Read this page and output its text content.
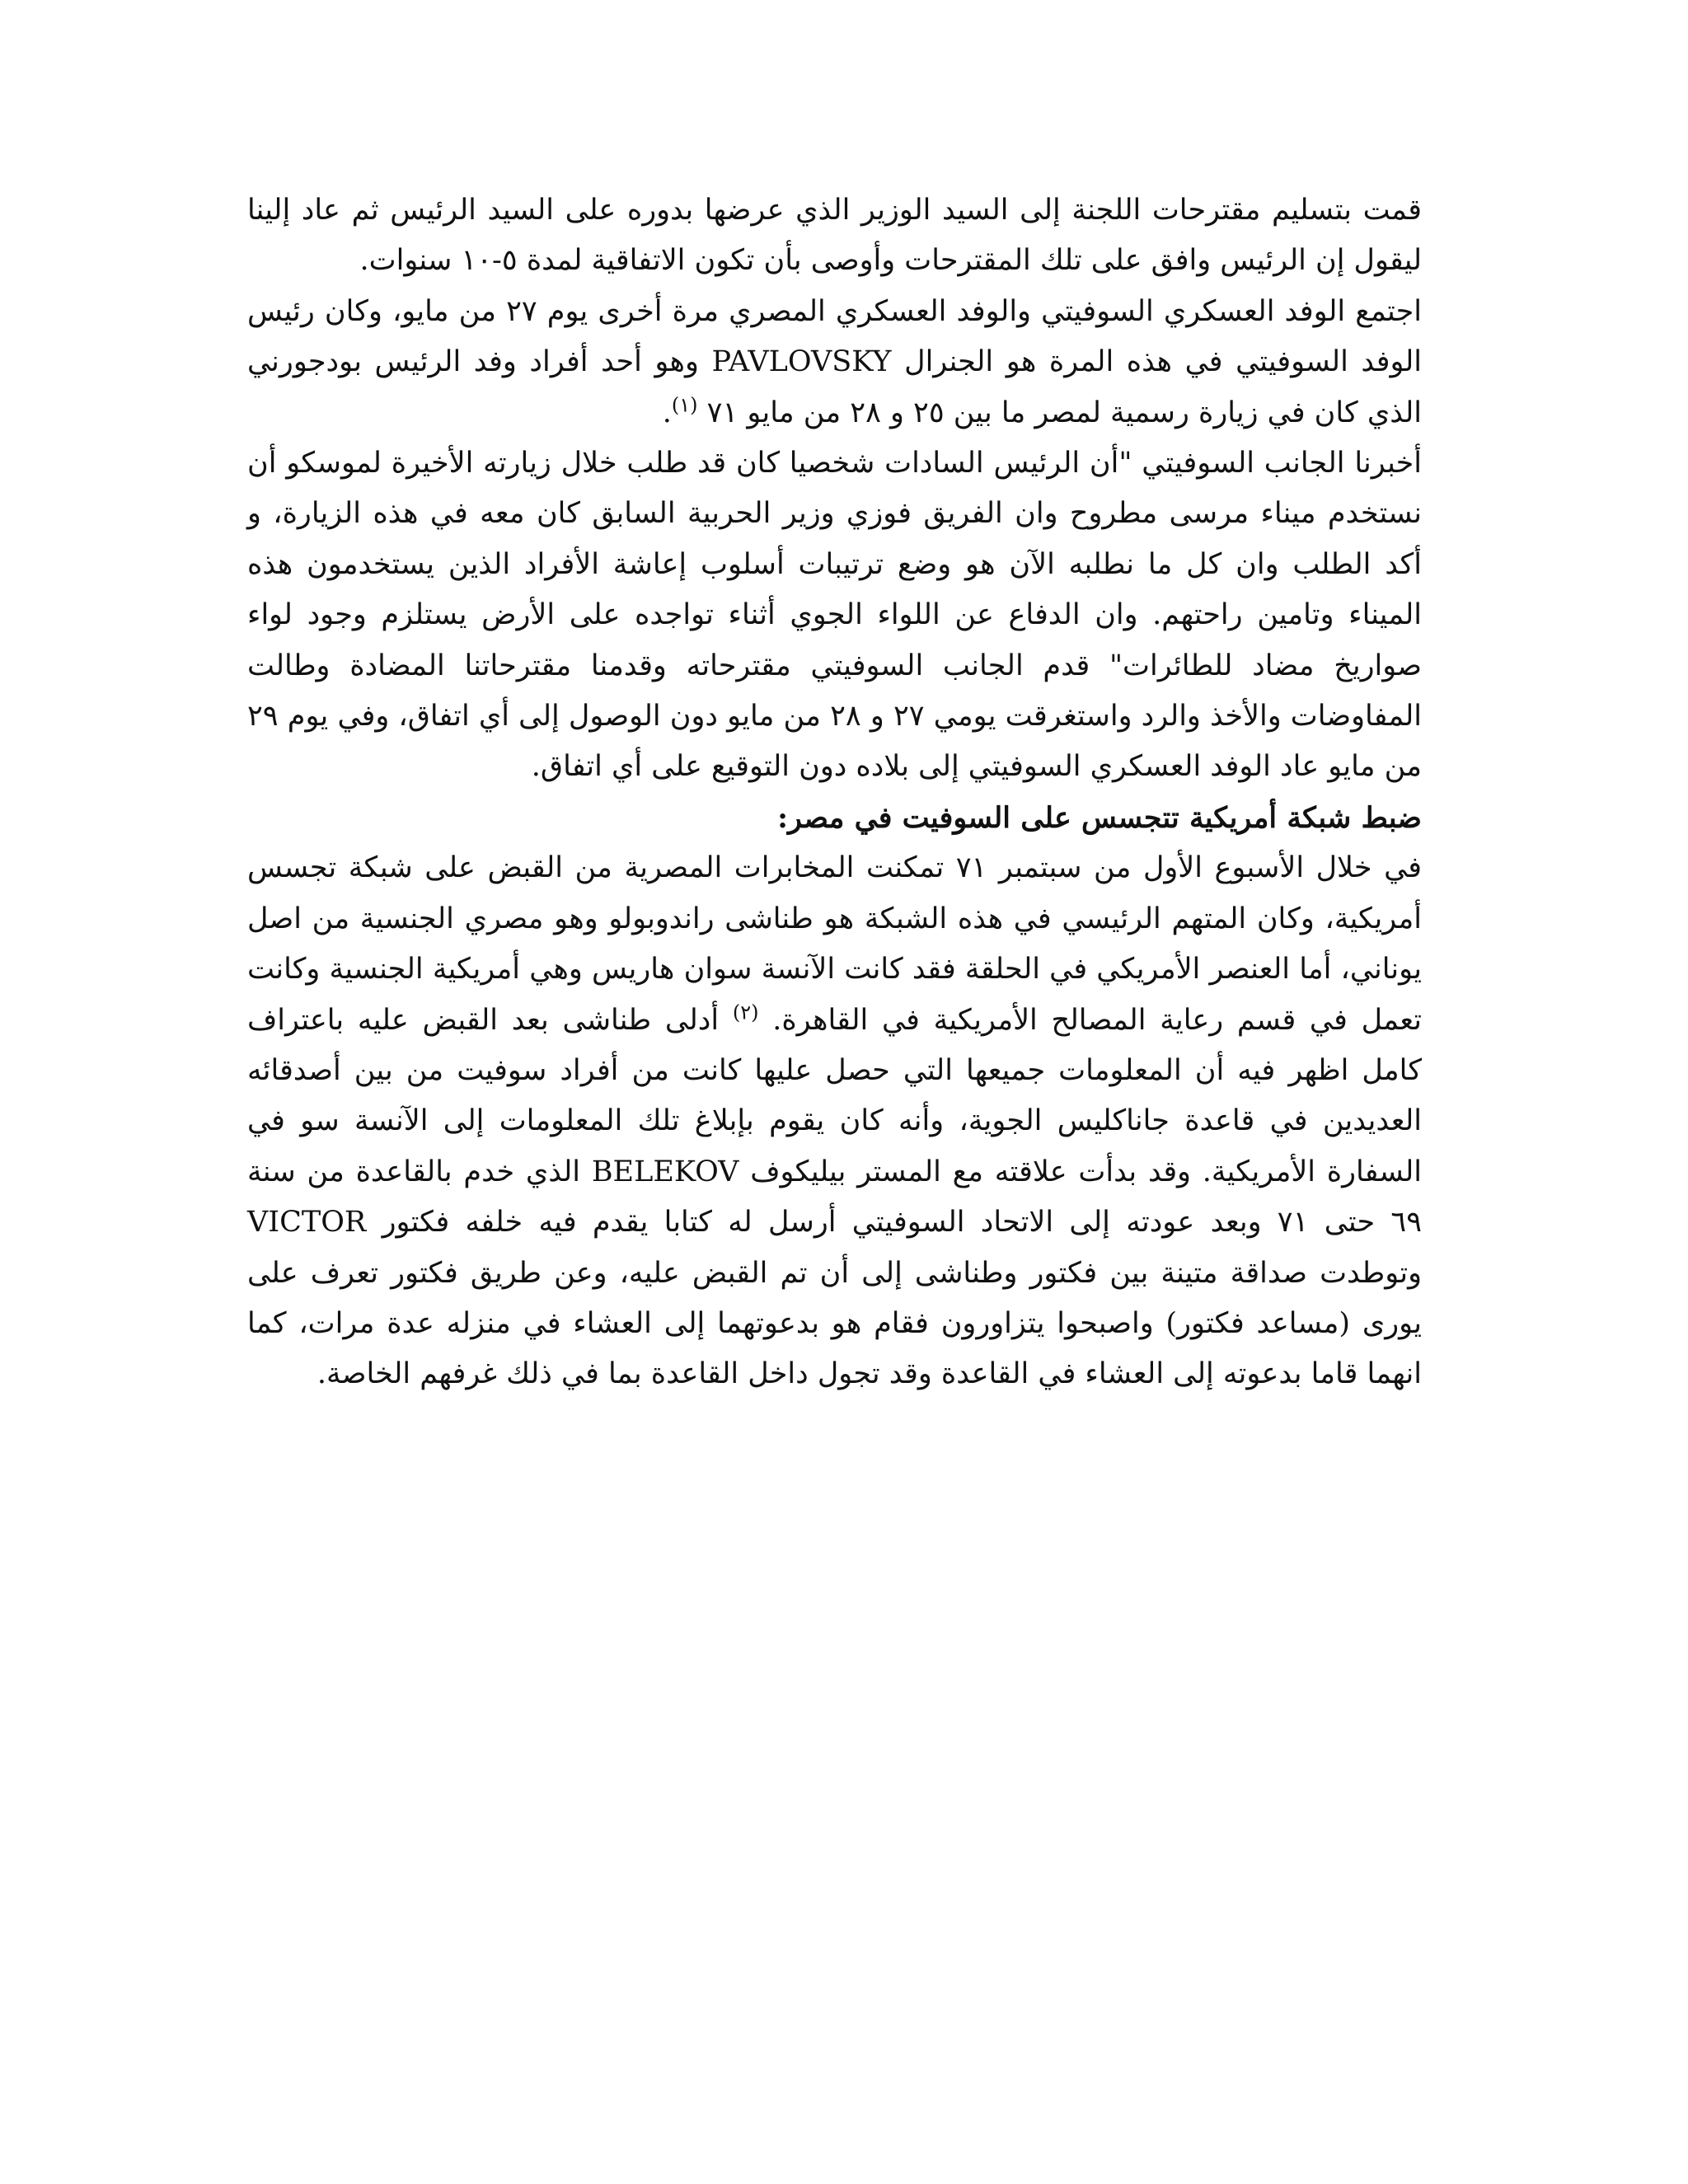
قمت بتسليم مقترحات اللجنة إلى السيد الوزير الذي عرضها بدوره على السيد الرئيس ثم عاد إلينا ليقول إن الرئيس وافق على تلك المقترحات وأوصى بأن تكون الاتفاقية لمدة ٥-١٠ سنوات.

اجتمع الوفد العسكري السوفيتي والوفد العسكري المصري مرة أخرى يوم ٢٧ من مايو، وكان رئيس الوفد السوفيتي في هذه المرة هو الجنرال PAVLOVSKY وهو أحد أفراد وفد الرئيس بودجورني الذي كان في زيارة رسمية لمصر ما بين ٢٥ و ٢٨ من مايو ٧١ $^{(١)}$.

أخبرنا الجانب السوفيتي "أن الرئيس السادات شخصيا كان قد طلب خلال زيارته الأخيرة لموسكو أن نستخدم ميناء مرسى مطروح وان الفريق فوزي وزير الحربية السابق كان معه في هذه الزيارة، و أكد الطلب وان كل ما نطلبه الآن هو وضع ترتيبات أسلوب إعاشة الأفراد الذين يستخدمون هذه الميناء وتامين راحتهم. وان الدفاع عن اللواء الجوي أثناء تواجده على الأرض يستلزم وجود لواء صواريخ مضاد للطائرات" قدم الجانب السوفيتي مقترحاته وقدمنا مقترحاتنا المضادة وطالت المفاوضات والأخذ والرد واستغرقت يومي ٢٧ و ٢٨ من مايو دون الوصول إلى أي اتفاق، وفي يوم ٢٩ من مايو عاد الوفد العسكري السوفيتي إلى بلاده دون التوقيع على أي اتفاق.

ضبط شبكة أمريكية تتجسس على السوفيت في مصر:

في خلال الأسبوع الأول من سبتمبر ٧١ تمكنت المخابرات المصرية من القبض على شبكة تجسس أمريكية، وكان المتهم الرئيسي في هذه الشبكة هو طناشى راندوبولو وهو مصري الجنسية من اصل يوناني، أما العنصر الأمريكي في الحلقة فقد كانت الآنسة سوان هاريس وهي أمريكية الجنسية وكانت تعمل في قسم رعاية المصالح الأمريكية في القاهرة. $^{(٢)}$ أدلى طناشى بعد القبض عليه باعتراف كامل اظهر فيه أن المعلومات جميعها التي حصل عليها كانت من أفراد سوفيت من بين أصدقائه العديدين في قاعدة جاناكليس الجوية، وأنه كان يقوم بإبلاغ تلك المعلومات إلى الآنسة سو في السفارة الأمريكية. وقد بدأت علاقته مع المستر بيليكوف BELEKOV الذي خدم بالقاعدة من سنة ٦٩ حتى ٧١ وبعد عودته إلى الاتحاد السوفيتي أرسل له كتابا يقدم فيه خلفه فكتور VICTOR وتوطدت صداقة متينة بين فكتور وطناشى إلى أن تم القبض عليه، وعن طريق فكتور تعرف على يورى (مساعد فكتور) واصبحوا يتزاورون فقام هو بدعوتهما إلى العشاء في منزله عدة مرات، كما انهما قاما بدعوته إلى العشاء في القاعدة وقد تجول داخل القاعدة بما في ذلك غرفهم الخاصة.
